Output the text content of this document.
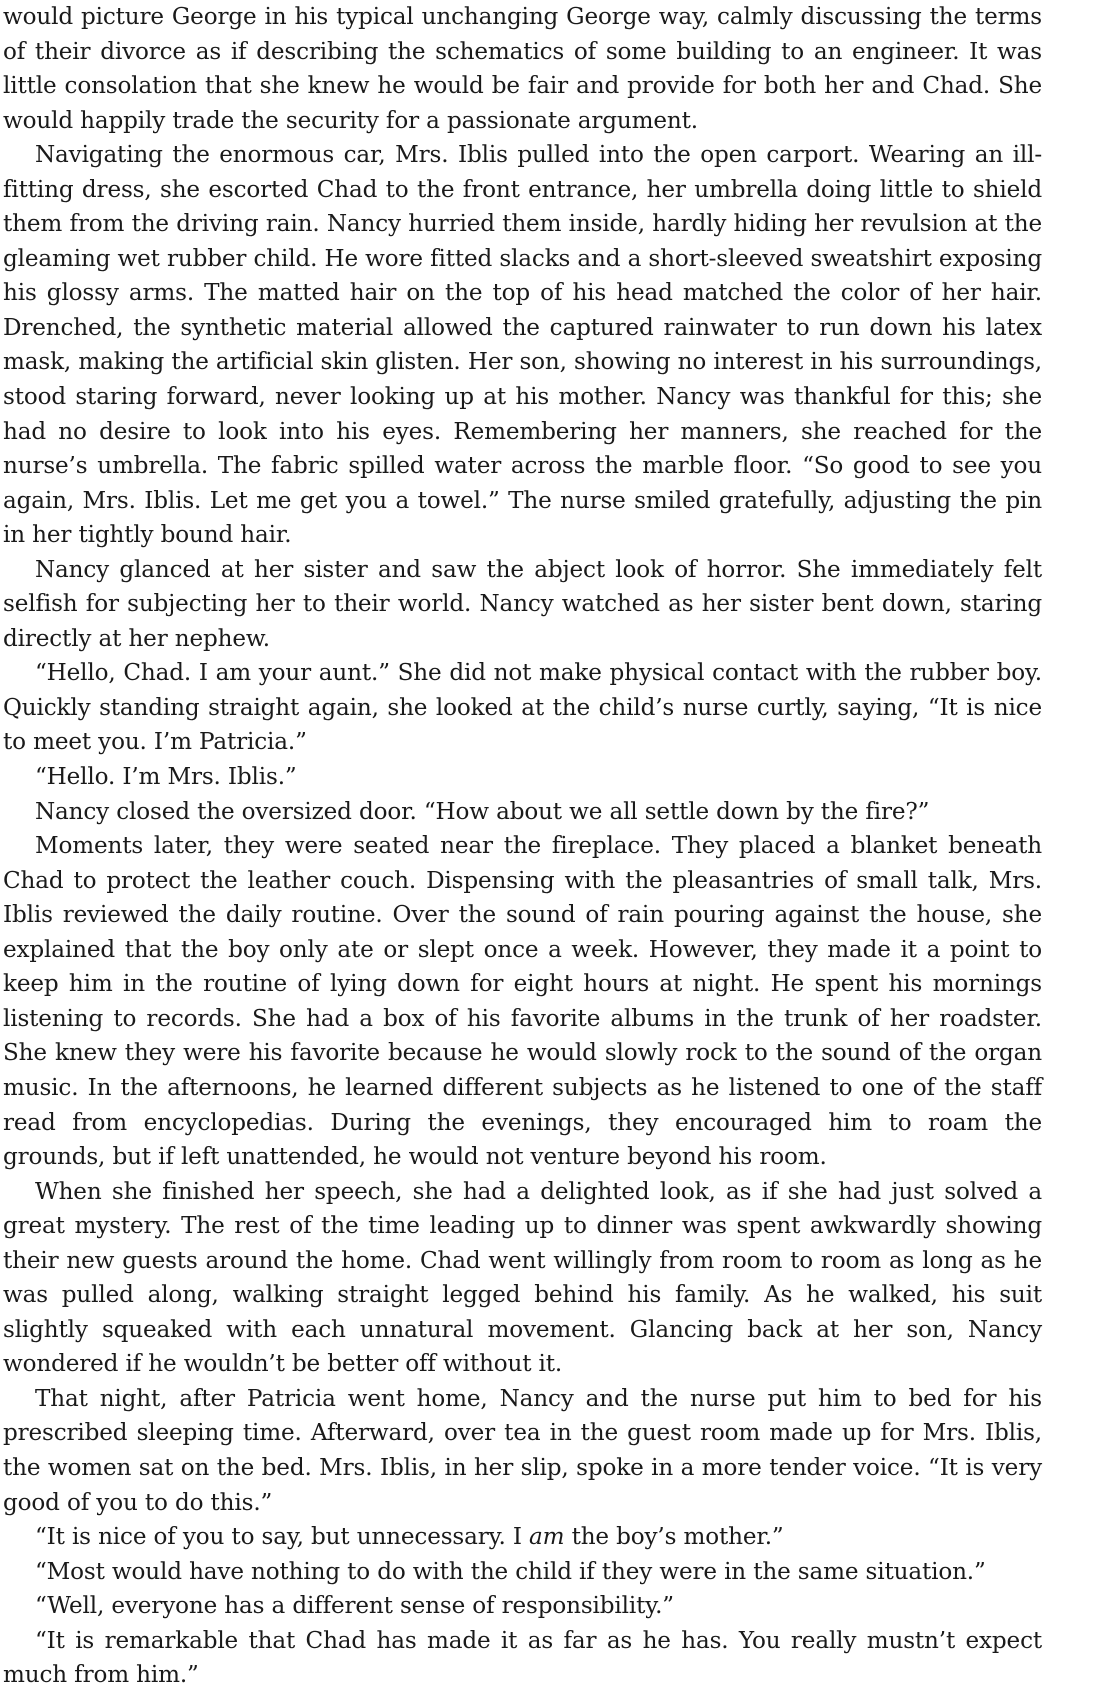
would picture George in his typical unchanging George way, calmly discussing the terms of their divorce as if describing the schematics of some building to an engineer. It was little consolation that she knew he would be fair and provide for both her and Chad. She would happily trade the security for a passionate argument.

Navigating the enormous car, Mrs. Iblis pulled into the open carport. Wearing an ill-fitting dress, she escorted Chad to the front entrance, her umbrella doing little to shield them from the driving rain. Nancy hurried them inside, hardly hiding her revulsion at the gleaming wet rubber child. He wore fitted slacks and a short-sleeved sweatshirt exposing his glossy arms. The matted hair on the top of his head matched the color of her hair. Drenched, the synthetic material allowed the captured rainwater to run down his latex mask, making the artificial skin glisten. Her son, showing no interest in his surroundings, stood staring forward, never looking up at his mother. Nancy was thankful for this; she had no desire to look into his eyes. Remembering her manners, she reached for the nurse’s umbrella. The fabric spilled water across the marble floor. “So good to see you again, Mrs. Iblis. Let me get you a towel.” The nurse smiled gratefully, adjusting the pin in her tightly bound hair.

Nancy glanced at her sister and saw the abject look of horror. She immediately felt selfish for subjecting her to their world. Nancy watched as her sister bent down, staring directly at her nephew.

“Hello, Chad. I am your aunt.” She did not make physical contact with the rubber boy. Quickly standing straight again, she looked at the child’s nurse curtly, saying, “It is nice to meet you. I’m Patricia.”

“Hello. I’m Mrs. Iblis.”

Nancy closed the oversized door. “How about we all settle down by the fire?”

Moments later, they were seated near the fireplace. They placed a blanket beneath Chad to protect the leather couch. Dispensing with the pleasantries of small talk, Mrs. Iblis reviewed the daily routine. Over the sound of rain pouring against the house, she explained that the boy only ate or slept once a week. However, they made it a point to keep him in the routine of lying down for eight hours at night. He spent his mornings listening to records. She had a box of his favorite albums in the trunk of her roadster. She knew they were his favorite because he would slowly rock to the sound of the organ music. In the afternoons, he learned different subjects as he listened to one of the staff read from encyclopedias. During the evenings, they encouraged him to roam the grounds, but if left unattended, he would not venture beyond his room.

When she finished her speech, she had a delighted look, as if she had just solved a great mystery. The rest of the time leading up to dinner was spent awkwardly showing their new guests around the home. Chad went willingly from room to room as long as he was pulled along, walking straight legged behind his family. As he walked, his suit slightly squeaked with each unnatural movement. Glancing back at her son, Nancy wondered if he wouldn’t be better off without it.

That night, after Patricia went home, Nancy and the nurse put him to bed for his prescribed sleeping time. Afterward, over tea in the guest room made up for Mrs. Iblis, the women sat on the bed. Mrs. Iblis, in her slip, spoke in a more tender voice. “It is very good of you to do this.”

“It is nice of you to say, but unnecessary. I am the boy’s mother.”

“Most would have nothing to do with the child if they were in the same situation.”

“Well, everyone has a different sense of responsibility.”

“It is remarkable that Chad has made it as far as he has. You really mustn’t expect much from him.”
